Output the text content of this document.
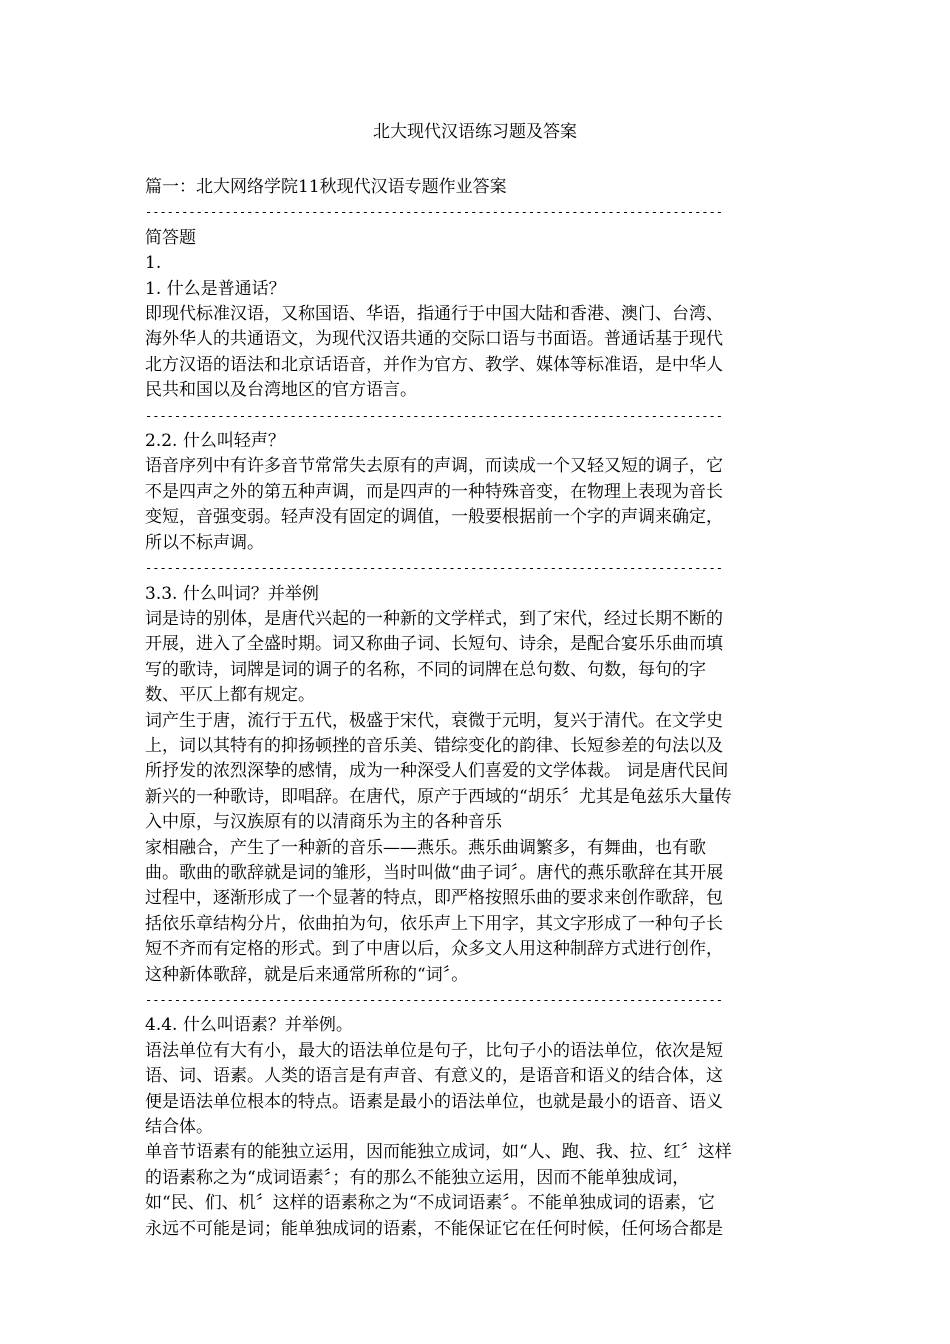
北大现代汉语练习题及答案

篇一：北大网络学院11秋现代汉语专题作业答案

--------------------------------------------------------------------------------

简答题

1.

1. 什么是普通话？

即现代标准汉语，又称国语、华语，指通行于中国大陆和香港、澳门、台湾、

海外华人的共通语文，为现代汉语共通的交际口语与书面语。普通话基于现代

北方汉语的语法和北京话语音，并作为官方、教学、媒体等标准语，是中华人

民共和国以及台湾地区的官方语言。

--------------------------------------------------------------------------------

2.2. 什么叫轻声？

语音序列中有许多音节常常失去原有的声调，而读成一个又轻又短的调子，它

不是四声之外的第五种声调，而是四声的一种特殊音变，在物理上表现为音长

变短，音强变弱。轻声没有固定的调值，一般要根据前一个字的声调来确定，

所以不标声调。

--------------------------------------------------------------------------------

3.3. 什么叫词？并举例

词是诗的别体，是唐代兴起的一种新的文学样式，到了宋代，经过长期不断的

开展，进入了全盛时期。词又称曲子词、长短句、诗余，是配合宴乐乐曲而填

写的歌诗，词牌是词的调子的名称，不同的词牌在总句数、句数，每句的字

数、平仄上都有规定。

词产生于唐，流行于五代，极盛于宋代，衰微于元明，复兴于清代。在文学史

上，词以其特有的抑扬顿挫的音乐美、错综变化的韵律、长短参差的句法以及

所抒发的浓烈深挚的感情，成为一种深受人们喜爱的文学体裁。 词是唐代民间

新兴的一种歌诗，即唱辞。在唐代，原产于西域的“胡乐〞尤其是龟兹乐大量传

入中原，与汉族原有的以清商乐为主的各种音乐

家相融合，产生了一种新的音乐——燕乐。燕乐曲调繁多，有舞曲，也有歌

曲。歌曲的歌辞就是词的雏形，当时叫做“曲子词〞。唐代的燕乐歌辞在其开展

过程中，逐渐形成了一个显著的特点，即严格按照乐曲的要求来创作歌辞，包

括依乐章结构分片，依曲拍为句，依乐声上下用字，其文字形成了一种句子长

短不齐而有定格的形式。到了中唐以后，众多文人用这种制辞方式进行创作，

这种新体歌辞，就是后来通常所称的“词〞。

--------------------------------------------------------------------------------

4.4. 什么叫语素？并举例。

语法单位有大有小，最大的语法单位是句子，比句子小的语法单位，依次是短

语、词、语素。人类的语言是有声音、有意义的，是语音和语义的结合体，这

便是语法单位根本的特点。语素是最小的语法单位，也就是最小的语音、语义

结合体。

单音节语素有的能独立运用，因而能独立成词，如“人、跑、我、拉、红〞这样

的语素称之为“成词语素〞；有的那么不能独立运用，因而不能单独成词，

如“民、们、机〞这样的语素称之为“不成词语素〞。不能单独成词的语素，它

永远不可能是词；能单独成词的语素，不能保证它在任何时候，任何场合都是
